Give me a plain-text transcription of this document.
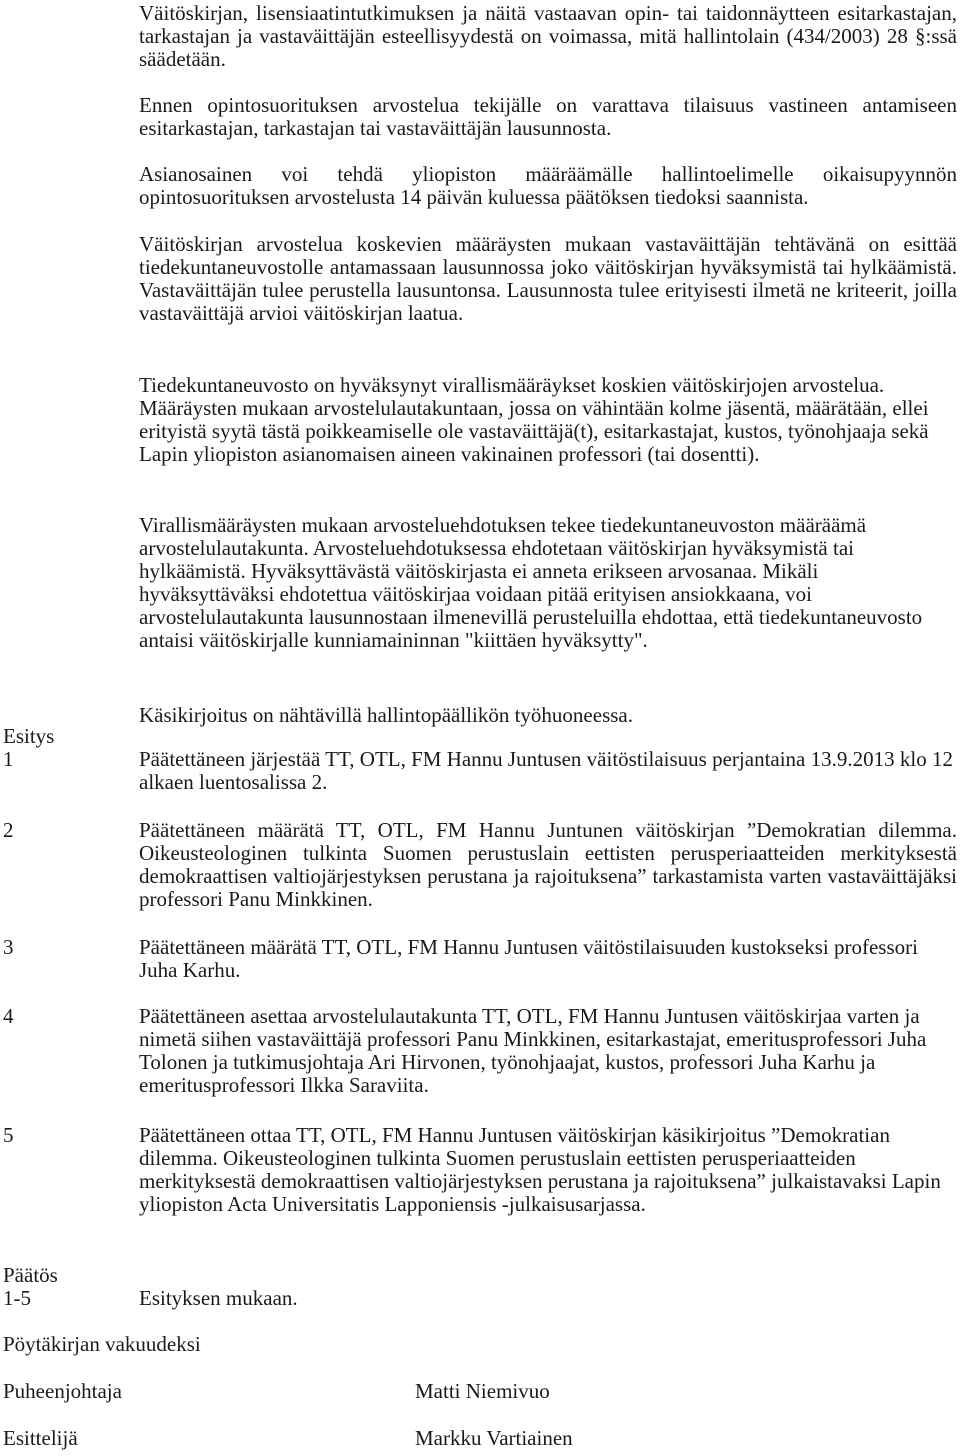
Väitöskirjan, lisensiaatintutkimuksen ja näitä vastaavan opin- tai taidonnäytteen esitarkastajan, tarkastajan ja vastaväittäjän esteellisyydestä on voimassa, mitä hallintolain (434/2003) 28 §:ssä säädetään.

Ennen opintosuorituksen arvostelua tekijälle on varattava tilaisuus vastineen antamiseen esitarkastajan, tarkastajan tai vastaväittäjän lausunnosta.

Asianosainen voi tehdä yliopiston määräämälle hallintoelimelle oikaisupyynnön opintosuorituksen arvostelusta 14 päivän kuluessa päätöksen tiedoksi saannista.

Väitöskirjan arvostelua koskevien määräysten mukaan vastaväittäjän tehtävänä on esittää tiedekuntaneuvostolle antamassaan lausunnossa joko väitöskirjan hyväksymistä tai hylkäämistä. Vastaväittäjän tulee perustella lausuntonsa. Lausunnosta tulee erityisesti ilmetä ne kriteerit, joilla vastaväittäjä arvioi väitöskirjan laatua.

Tiedekuntaneuvosto on hyväksynyt virallismääräykset koskien väitöskirjojen arvostelua. Määräysten mukaan arvostelulautakuntaan, jossa on vähintään kolme jäsentä, määrätään, ellei erityistä syytä tästä poikkeamiselle ole vastaväittäjä(t), esitarkastajat, kustos, työnohjaaja sekä Lapin yliopiston asianomaisen aineen vakinainen professori (tai dosentti).

Virallismääräysten mukaan arvosteluehdotuksen tekee tiedekuntaneuvoston määräämä arvostelulautakunta. Arvosteluehdotuksessa ehdotetaan väitöskirjan hyväksymistä tai hylkäämistä. Hyväksyttävästä väitöskirjasta ei anneta erikseen arvosanaa. Mikäli hyväksyttäväksi ehdotettua väitöskirjaa voidaan pitää erityisen ansiokkaana, voi arvostelulautakunta lausunnostaan ilmenevillä perusteluilla ehdottaa, että tiedekuntaneuvosto antaisi väitöskirjalle kunniamaininnan "kiittäen hyväksytty".

Käsikirjoitus on nähtävillä hallintopäällikön työhuoneessa.

Esitys
1	Päätettäneen järjestää TT, OTL, FM Hannu Juntusen väitöstilaisuus perjantaina 13.9.2013 klo 12 alkaen luentosalissa 2.
2	Päätettäneen määrätä TT, OTL, FM Hannu Juntunen väitöskirjan ”Demokratian dilemma. Oikeusteologinen tulkinta Suomen perustuslain eettisten perusperiaatteiden merkityksestä demokraattisen valtiojärjestyksen perustana ja rajoituksena” tarkastamista varten vastaväittäjäksi professori Panu Minkkinen.
3	Päätettäneen määrätä TT, OTL, FM Hannu Juntusen väitöstilaisuuden kustokseksi professori Juha Karhu.
4	Päätettäneen asettaa arvostelulautakunta TT, OTL, FM Hannu Juntusen väitöskirjaa varten ja nimetä siihen vastaväittäjä professori Panu Minkkinen, esitarkastajat, emeritusprofessori Juha Tolonen ja tutkimusjohtaja Ari Hirvonen, työnohjaajat, kustos, professori Juha Karhu ja emeritusprofessori Ilkka Saraviita.
5	Päätettäneen ottaa TT, OTL, FM Hannu Juntusen väitöskirjan käsikirjoitus ”Demokratian dilemma. Oikeusteologinen tulkinta Suomen perustuslain eettisten perusperiaatteiden merkityksestä demokraattisen valtiojärjestyksen perustana ja rajoituksena” julkaistavaksi Lapin yliopiston Acta Universitatis Lapponiensis -julkaisusarjassa.
Päätös
1-5	Esityksen mukaan.
Pöytäkirjan vakuudeksi
Puheenjohtaja	Matti Niemivuo
Esittelijä	Markku Vartiainen
